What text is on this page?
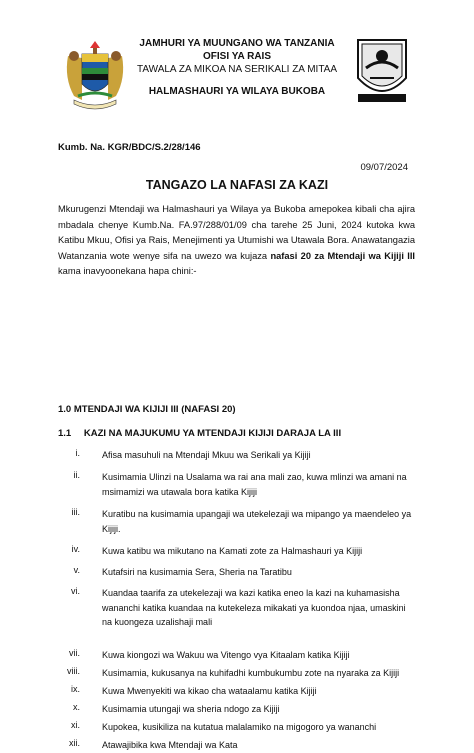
JAMHURI YA MUUNGANO WA TANZANIA
OFISI YA RAIS
TAWALA ZA MIKOA NA SERIKALI ZA MITAA
HALMASHAURI YA WILAYA BUKOBA
Kumb. Na. KGR/BDC/S.2/28/146
09/07/2024
TANGAZO LA NAFASI ZA KAZI
Mkurugenzi Mtendaji wa Halmashauri ya Wilaya ya Bukoba amepokea kibali cha ajira mbadala chenye Kumb.Na. FA.97/288/01/09 cha tarehe 25 Juni, 2024 kutoka kwa Katibu Mkuu, Ofisi ya Rais, Menejimenti ya Utumishi wa Utawala Bora. Anawatangazia Watanzania wote wenye sifa na uwezo wa kujaza nafasi 20 za Mtendaji wa Kijiji III kama inavyoonekana hapa chini:-
1.0 MTENDAJI WA KIJIJI III (NAFASI 20)
1.1 KAZI NA MAJUKUMU YA MTENDAJI KIJIJI DARAJA LA III
i. Afisa masuhuli na Mtendaji Mkuu wa Serikali ya Kijiji
ii. Kusimamia Ulinzi na Usalama wa rai ana mali zao, kuwa mlinzi wa amani na msimamizi wa utawala bora katika Kijiji
iii. Kuratibu na kusimamia upangaji wa utekelezaji wa mipango ya maendeleo ya Kijiji.
iv. Kuwa katibu wa mikutano na Kamati zote za Halmashauri ya Kijiji
v. Kutafsiri na kusimamia Sera, Sheria na Taratibu
vi. Kuandaa taarifa za utekelezaji wa kazi katika eneo la kazi na kuhamasisha wananchi katika kuandaa na kutekeleza mikakati ya kuondoa njaa, umaskini na kuongeza uzalishaji mali
vii. Kuwa kiongozi wa Wakuu wa Vitengo vya Kitaalam katika Kijiji
viii. Kusimamia, kukusanya na kuhifadhi kumbukumbu zote na nyaraka za Kijiji
ix. Kuwa Mwenyekiti wa kikao cha wataalamu katika Kijiji
x. Kusimamia utungaji wa sheria ndogo za Kijiji
xi. Kupokea, kusikiliza na kutatua malalamiko na migogoro ya wananchi
xii. Atawajibika kwa Mtendaji wa Kata
